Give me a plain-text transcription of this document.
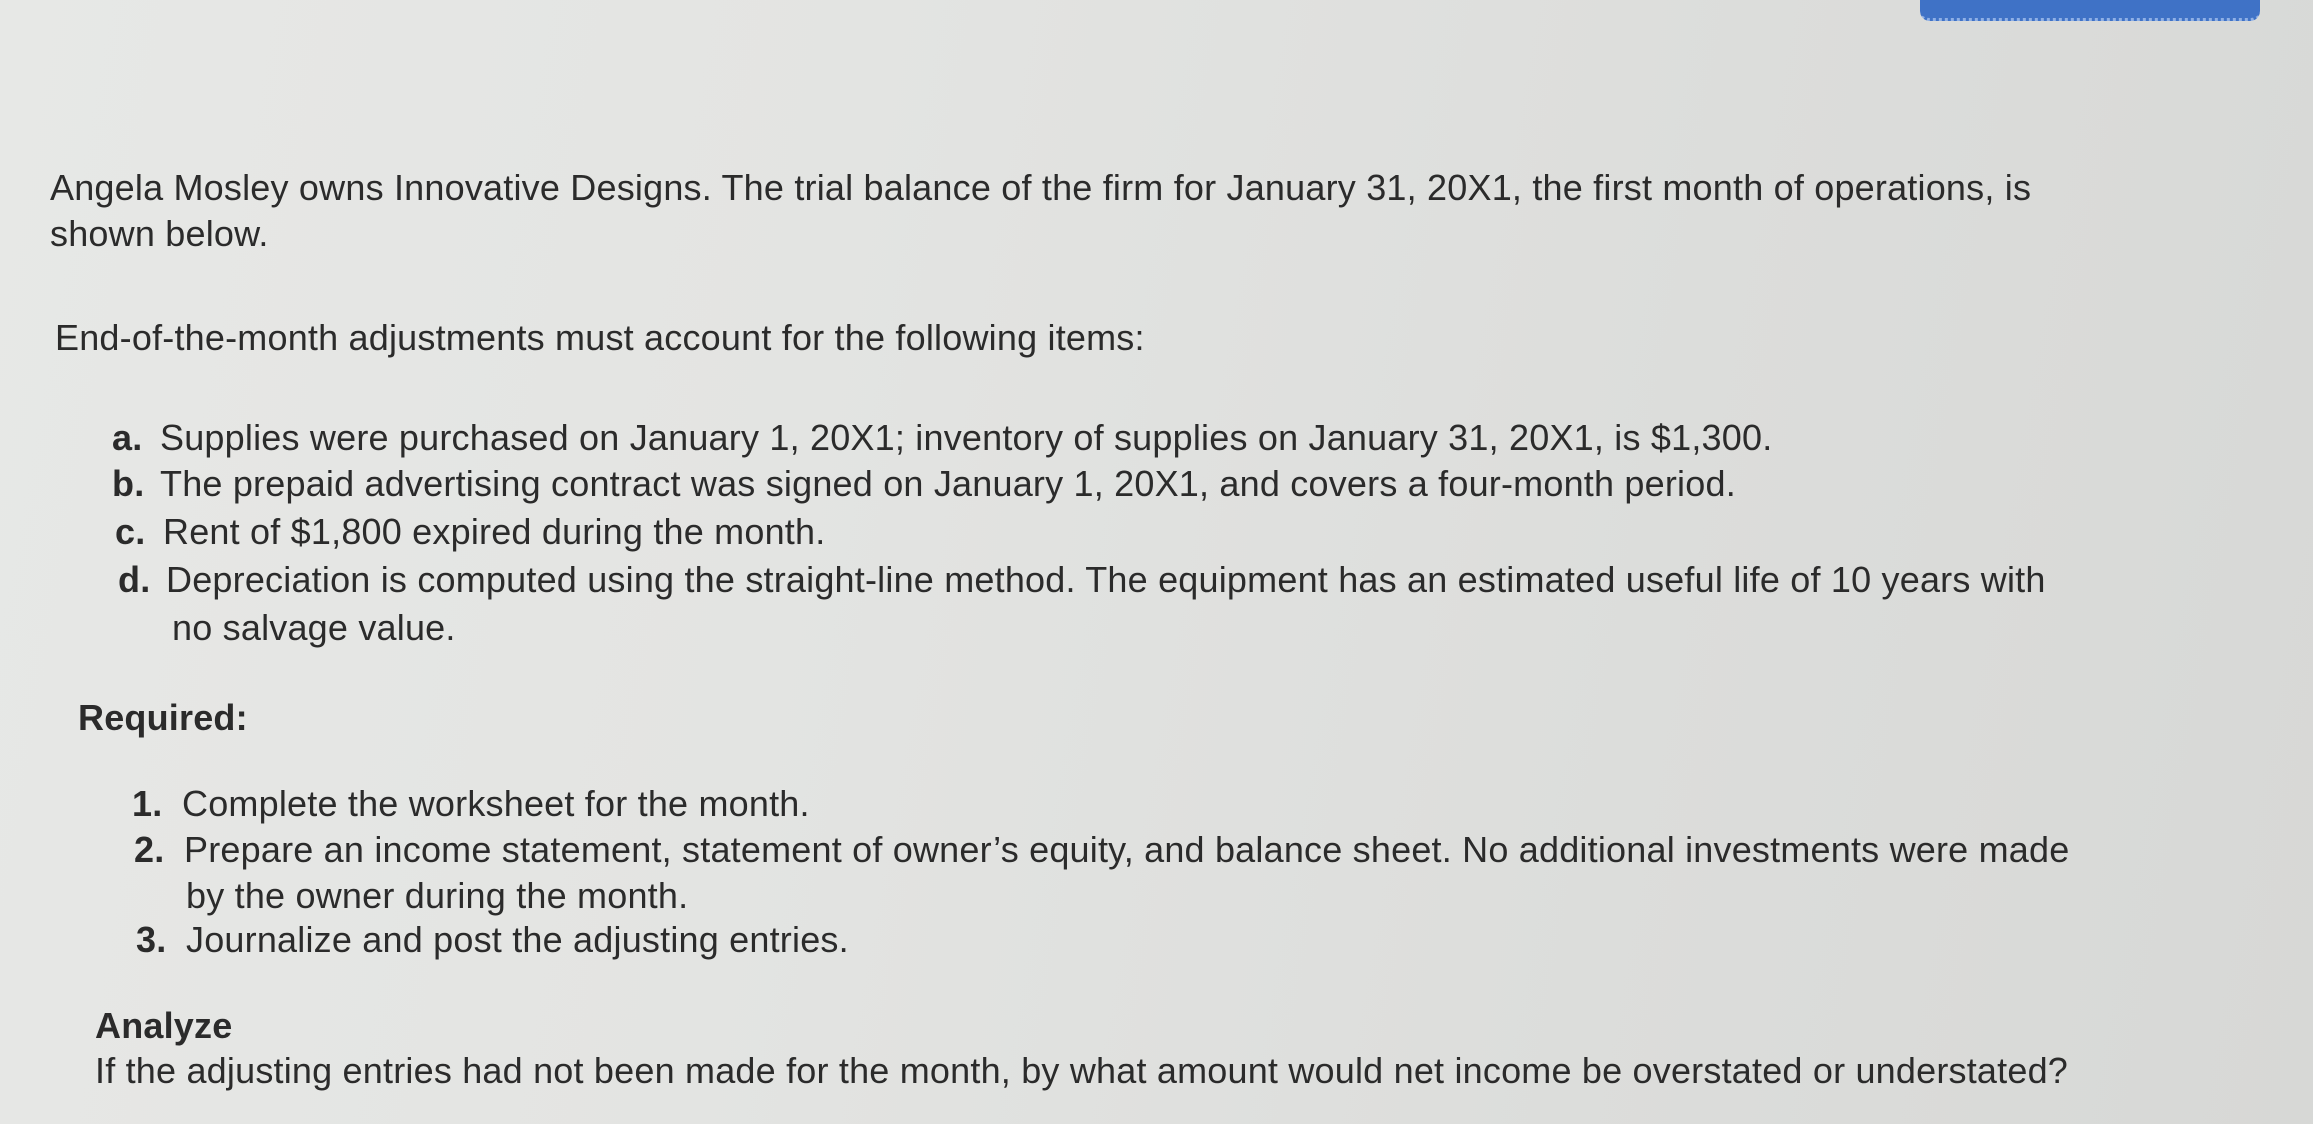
Angela Mosley owns Innovative Designs. The trial balance of the firm for January 31, 20X1, the first month of operations, is
shown below.
End-of-the-month adjustments must account for the following items:
a. Supplies were purchased on January 1, 20X1; inventory of supplies on January 31, 20X1, is $1,300.
b. The prepaid advertising contract was signed on January 1, 20X1, and covers a four-month period.
c. Rent of $1,800 expired during the month.
d. Depreciation is computed using the straight-line method. The equipment has an estimated useful life of 10 years with
no salvage value.
Required:
1. Complete the worksheet for the month.
2. Prepare an income statement, statement of owner’s equity, and balance sheet. No additional investments were made
by the owner during the month.
3. Journalize and post the adjusting entries.
Analyze
If the adjusting entries had not been made for the month, by what amount would net income be overstated or understated?
